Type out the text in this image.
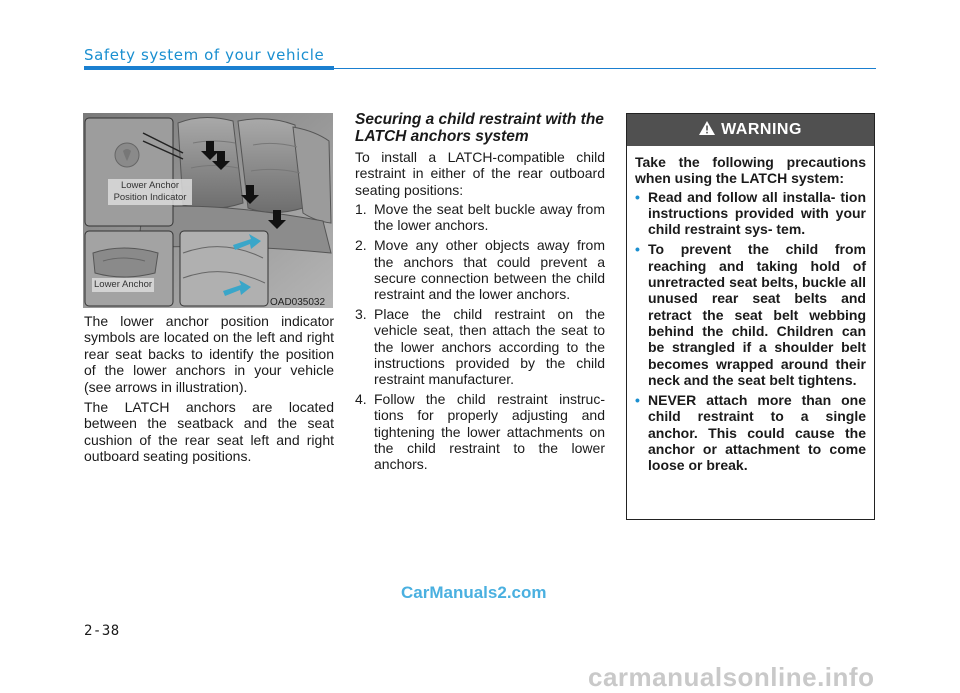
Safety system of your vehicle
Lower Anchor
Position Indicator
Lower Anchor
OAD035032

The lower anchor position indicator symbols are located on the left and right rear seat backs to identify the position of the lower anchors in your vehicle (see arrows in illustration).

The LATCH anchors are located between the seatback and the seat cushion of the rear seat left and right outboard seating positions.

Securing a child restraint with the LATCH anchors system

To install a LATCH-compatible child restraint in either of the rear outboard seating positions:

1. Move the seat belt buckle away from the lower anchors.
2. Move any other objects away from the anchors that could prevent a secure connection between the child restraint and the lower anchors.
3. Place the child restraint on the vehicle seat, then attach the seat to the lower anchors according to the instructions provided by the child restraint manufacturer.
4. Follow the child restraint instruc- tions for properly adjusting and tightening the lower attachments on the child restraint to the lower anchors.
WARNING

Take the following precautions when using the LATCH system:

• Read and follow all installa- tion instructions provided with your child restraint sys- tem.
• To prevent the child from reaching and taking hold of unretracted seat belts, buckle all unused rear seat belts and retract the seat belt webbing behind the child. Children can be strangled if a shoulder belt becomes wrapped around their neck and the seat belt tightens.
• NEVER attach more than one child restraint to a single anchor. This could cause the anchor or attachment to come loose or break.
2-38
CarManuals2.com
carmanualsonline.info
